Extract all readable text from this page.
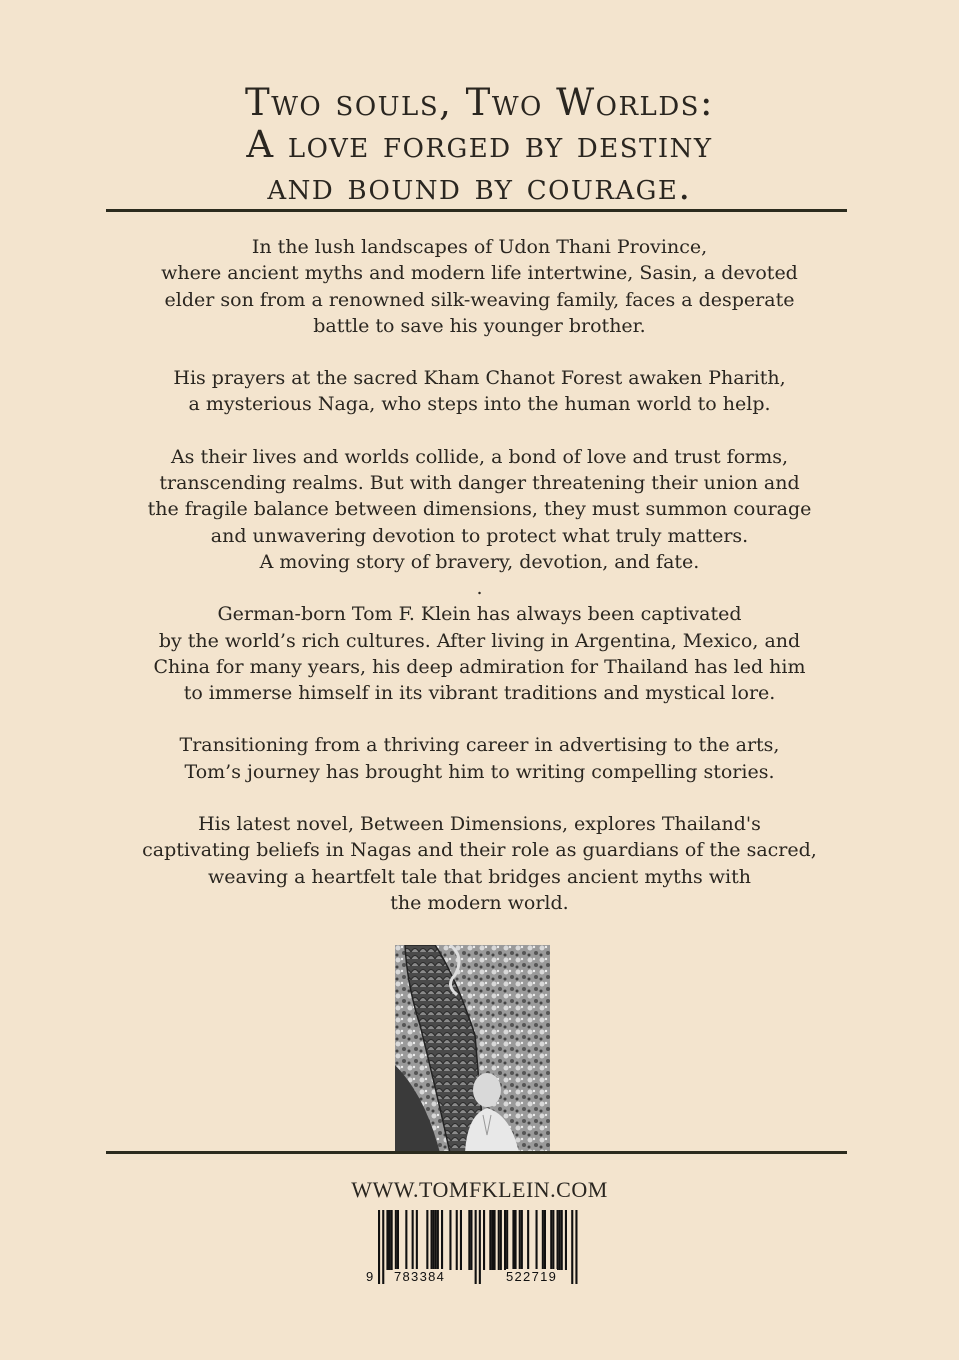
Two souls, Two Worlds:
A love forged by destiny
and bound by courage.

In the lush landscapes of Udon Thani Province,
where ancient myths and modern life intertwine, Sasin, a devoted
elder son from a renowned silk-weaving family, faces a desperate
battle to save his younger brother.

His prayers at the sacred Kham Chanot Forest awaken Pharith,
a mysterious Naga, who steps into the human world to help.

As their lives and worlds collide, a bond of love and trust forms,
transcending realms. But with danger threatening their union and
the fragile balance between dimensions, they must summon courage
and unwavering devotion to protect what truly matters.
A moving story of bravery, devotion, and fate.

.

German-born Tom F. Klein has always been captivated
by the world’s rich cultures. After living in Argentina, Mexico, and
China for many years, his deep admiration for Thailand has led him
to immerse himself in its vibrant traditions and mystical lore.

Transitioning from a thriving career in advertising to the arts,
Tom’s journey has brought him to writing compelling stories.

His latest novel, Between Dimensions, explores Thailand's
captivating beliefs in Nagas and their role as guardians of the sacred,
weaving a heartfelt tale that bridges ancient myths with
the modern world.

WWW.TOMFKLEIN.COM
9 783384	522719
